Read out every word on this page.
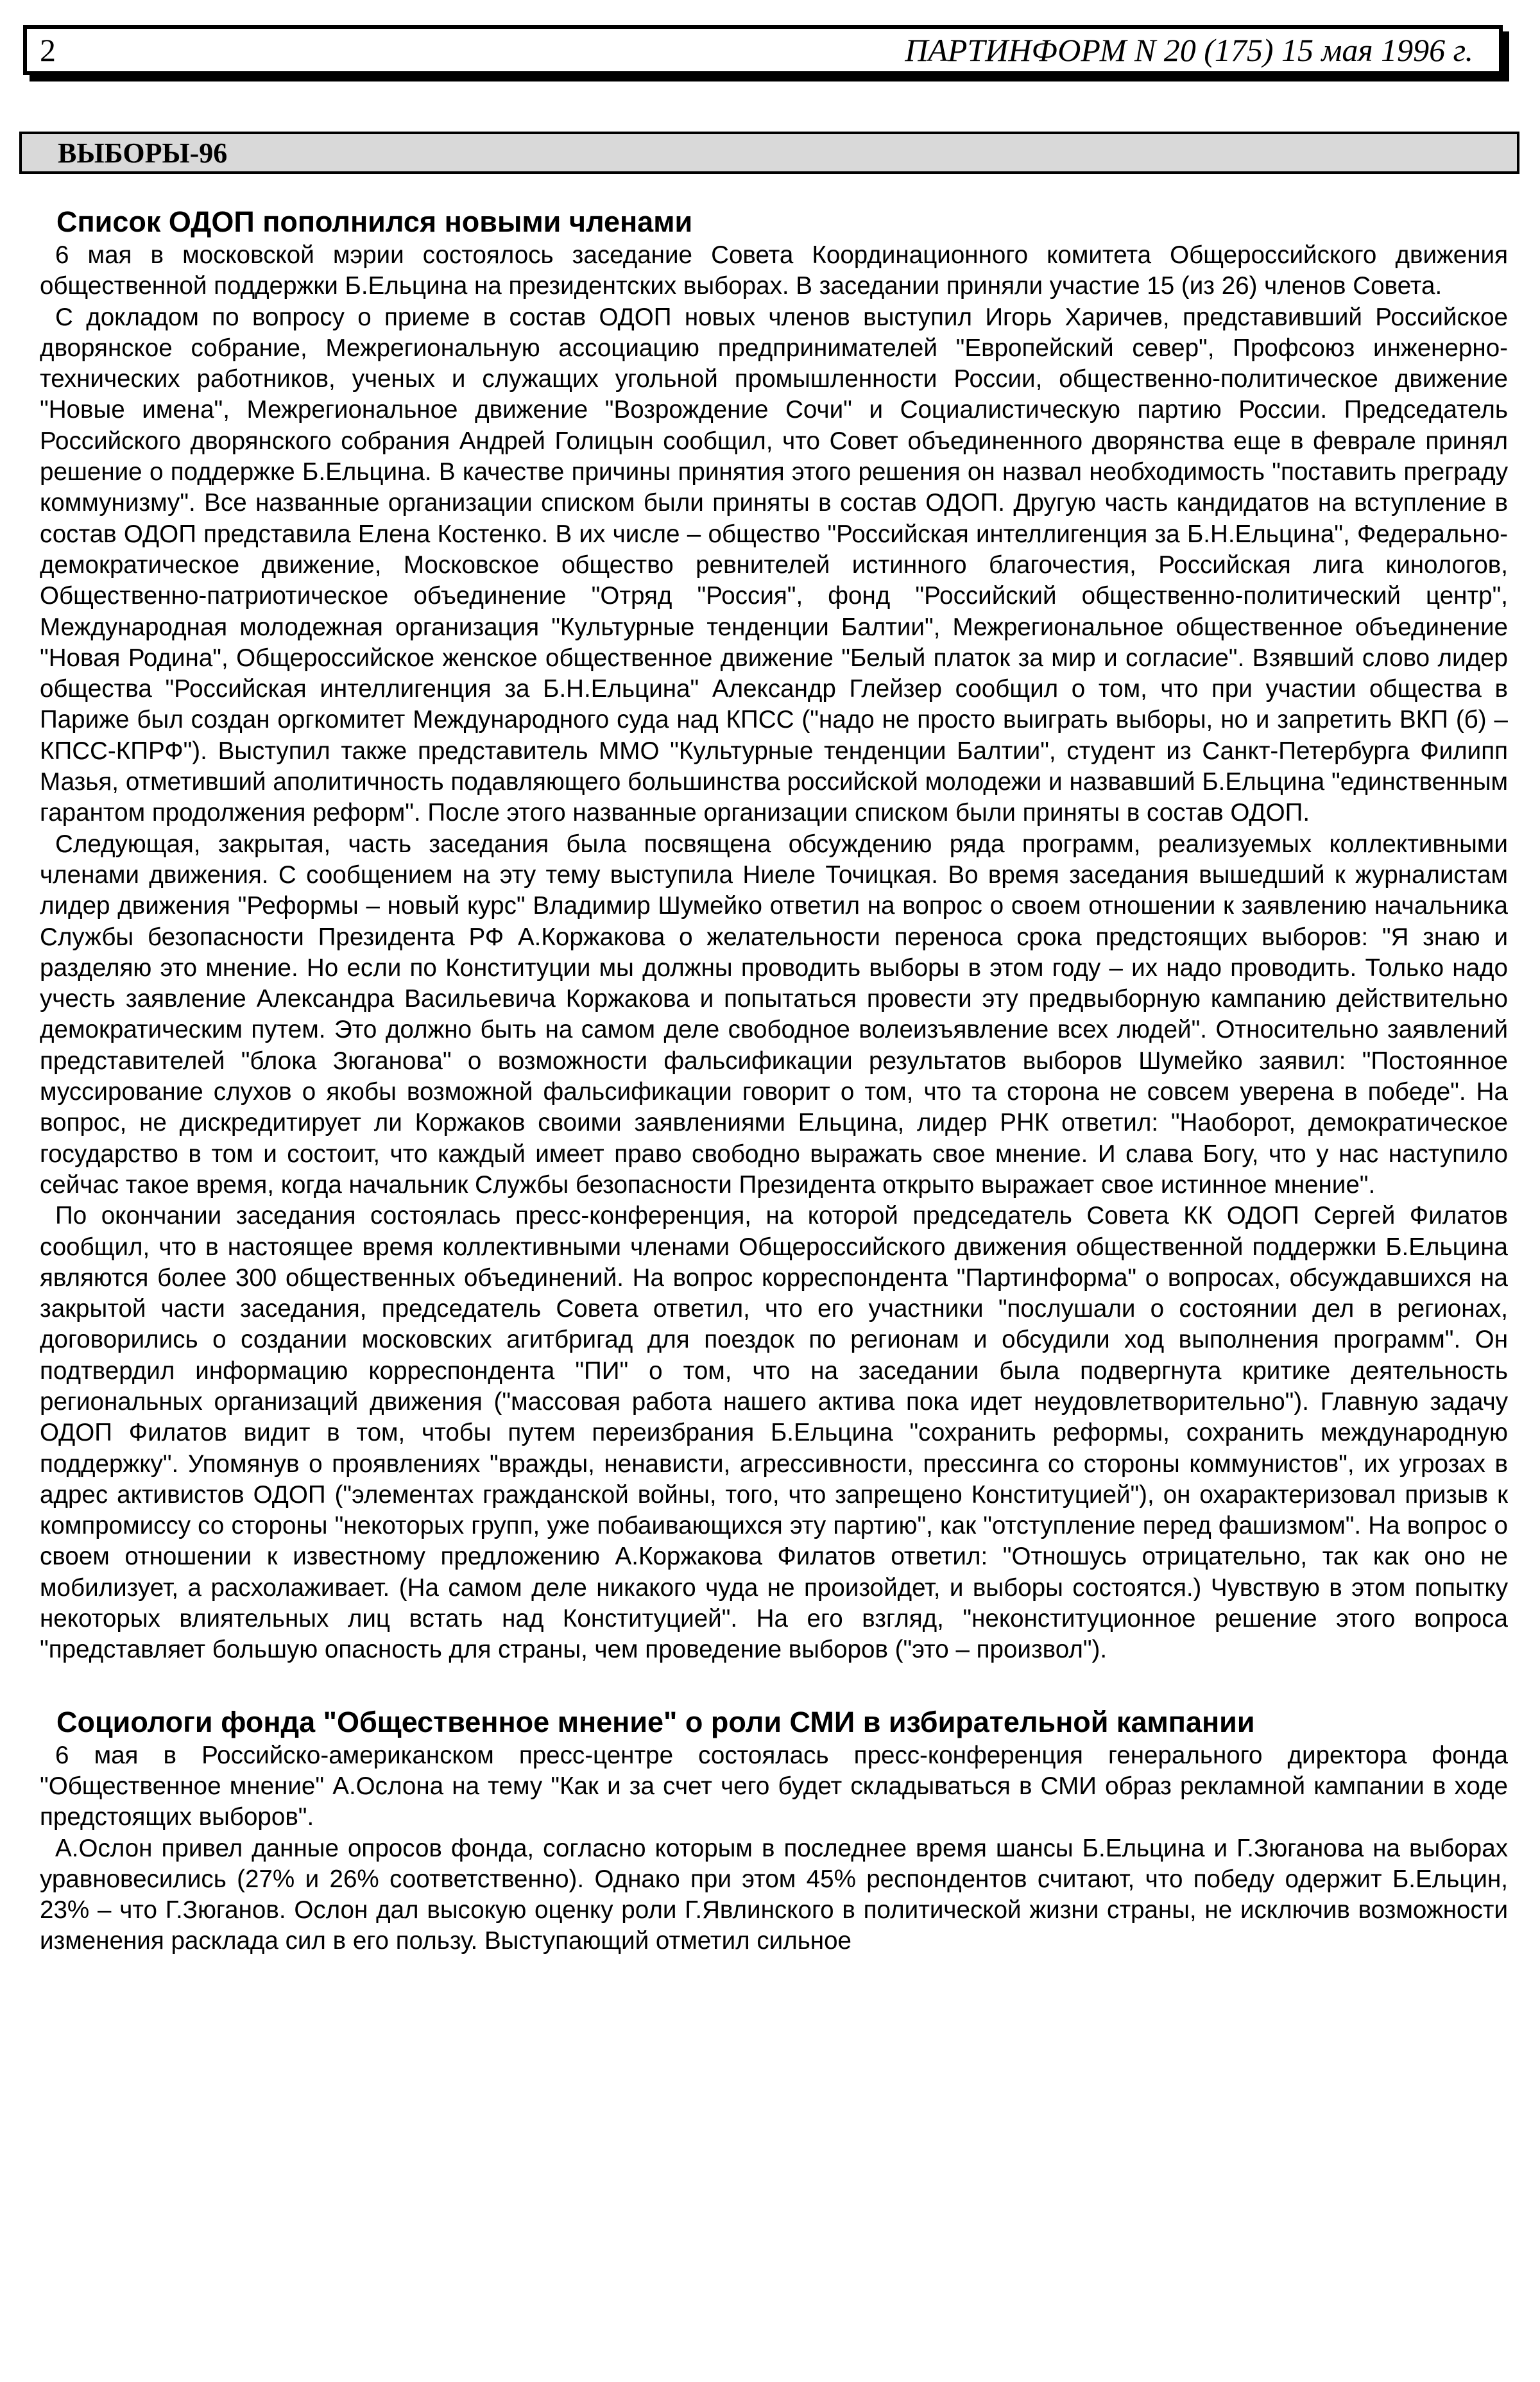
2	ПАРТИНФОРМ N 20 (175) 15 мая 1996 г.
ВЫБОРЫ-96
Список ОДОП пополнился новыми членами

6 мая в московской мэрии состоялось заседание Совета Координационного комитета Общероссийского движения общественной поддержки Б.Ельцина на президентских выборах. В заседании приняли участие 15 (из 26) членов Совета.

С докладом по вопросу о приеме в состав ОДОП новых членов выступил Игорь Харичев, представивший Российское дворянское собрание, Межрегиональную ассоциацию предпринимателей "Европейский север", Профсоюз инженерно-технических работников, ученых и служащих угольной промышленности России, общественно-политическое движение "Новые имена", Межрегиональное движение "Возрождение Сочи" и Социалистическую партию России. Председатель Российского дворянского собрания Андрей Голицын сообщил, что Совет объединенного дворянства еще в феврале принял решение о поддержке Б.Ельцина. В качестве причины принятия этого решения он назвал необходимость "поставить преграду коммунизму". Все названные организации списком были приняты в состав ОДОП. Другую часть кандидатов на вступление в состав ОДОП представила Елена Костенко. В их числе – общество "Российская интеллигенция за Б.Н.Ельцина", Федерально-демократическое движение, Московское общество ревнителей истинного благочестия, Российская лига кинологов, Общественно-патриотическое объединение "Отряд "Россия", фонд "Российский общественно-политический центр", Международная молодежная организация "Культурные тенденции Балтии", Межрегиональное общественное объединение "Новая Родина", Общероссийское женское общественное движение "Белый платок за мир и согласие". Взявший слово лидер общества "Российская интеллигенция за Б.Н.Ельцина" Александр Глейзер сообщил о том, что при участии общества в Париже был создан оргкомитет Международного суда над КПСС ("надо не просто выиграть выборы, но и запретить ВКП (б) – КПСС-КПРФ"). Выступил также представитель ММО "Культурные тенденции Балтии", студент из Санкт-Петербурга Филипп Мазья, отметивший аполитичность подавляющего большинства российской молодежи и назвавший Б.Ельцина "единственным гарантом продолжения реформ". После этого названные организации списком были приняты в состав ОДОП.

Следующая, закрытая, часть заседания была посвящена обсуждению ряда программ, реализуемых коллективными членами движения. С сообщением на эту тему выступила Ниеле Точицкая. Во время заседания вышедший к журналистам лидер движения "Реформы – новый курс" Владимир Шумейко ответил на вопрос о своем отношении к заявлению начальника Службы безопасности Президента РФ А.Коржакова о желательности переноса срока предстоящих выборов: "Я знаю и разделяю это мнение. Но если по Конституции мы должны проводить выборы в этом году – их надо проводить. Только надо учесть заявление Александра Васильевича Коржакова и попытаться провести эту предвыборную кампанию действительно демократическим путем. Это должно быть на самом деле свободное волеизъявление всех людей". Относительно заявлений представителей "блока Зюганова" о возможности фальсификации результатов выборов Шумейко заявил: "Постоянное муссирование слухов о якобы возможной фальсификации говорит о том, что та сторона не совсем уверена в победе". На вопрос, не дискредитирует ли Коржаков своими заявлениями Ельцина, лидер РНК ответил: "Наоборот, демократическое государство в том и состоит, что каждый имеет право свободно выражать свое мнение. И слава Богу, что у нас наступило сейчас такое время, когда начальник Службы безопасности Президента открыто выражает свое истинное мнение".

По окончании заседания состоялась пресс-конференция, на которой председатель Совета КК ОДОП Сергей Филатов сообщил, что в настоящее время коллективными членами Общероссийского движения общественной поддержки Б.Ельцина являются более 300 общественных объединений. На вопрос корреспондента "Партинформа" о вопросах, обсуждавшихся на закрытой части заседания, председатель Совета ответил, что его участники "послушали о состоянии дел в регионах, договорились о создании московских агитбригад для поездок по регионам и обсудили ход выполнения программ". Он подтвердил информацию корреспондента "ПИ" о том, что на заседании была подвергнута критике деятельность региональных организаций движения ("массовая работа нашего актива пока идет неудовлетворительно"). Главную задачу ОДОП Филатов видит в том, чтобы путем переизбрания Б.Ельцина "сохранить реформы, сохранить международную поддержку". Упомянув о проявлениях "вражды, ненависти, агрессивности, прессинга со стороны коммунистов", их угрозах в адрес активистов ОДОП ("элементах гражданской войны, того, что запрещено Конституцией"), он охарактеризовал призыв к компромиссу со стороны "некоторых групп, уже побаивающихся эту партию", как "отступление перед фашизмом". На вопрос о своем отношении к известному предложению А.Коржакова Филатов ответил: "Отношусь отрицательно, так как оно не мобилизует, а расхолаживает. (На самом деле никакого чуда не произойдет, и выборы состоятся.) Чувствую в этом попытку некоторых влиятельных лиц встать над Конституцией". На его взгляд, "неконституционное решение этого вопроса "представляет большую опасность для страны, чем проведение выборов ("это – произвол").

Социологи фонда "Общественное мнение" о роли СМИ в избирательной кампании

6 мая в Российско-американском пресс-центре состоялась пресс-конференция генерального директора фонда "Общественное мнение" А.Ослона на тему "Как и за счет чего будет складываться в СМИ образ рекламной кампании в ходе предстоящих выборов".

А.Ослон привел данные опросов фонда, согласно которым в последнее время шансы Б.Ельцина и Г.Зюганова на выборах уравновесились (27% и 26% соответственно). Однако при этом 45% респондентов считают, что победу одержит Б.Ельцин, 23% – что Г.Зюганов. Ослон дал высокую оценку роли Г.Явлинского в политической жизни страны, не исключив возможности изменения расклада сил в его пользу. Выступающий отметил сильное
